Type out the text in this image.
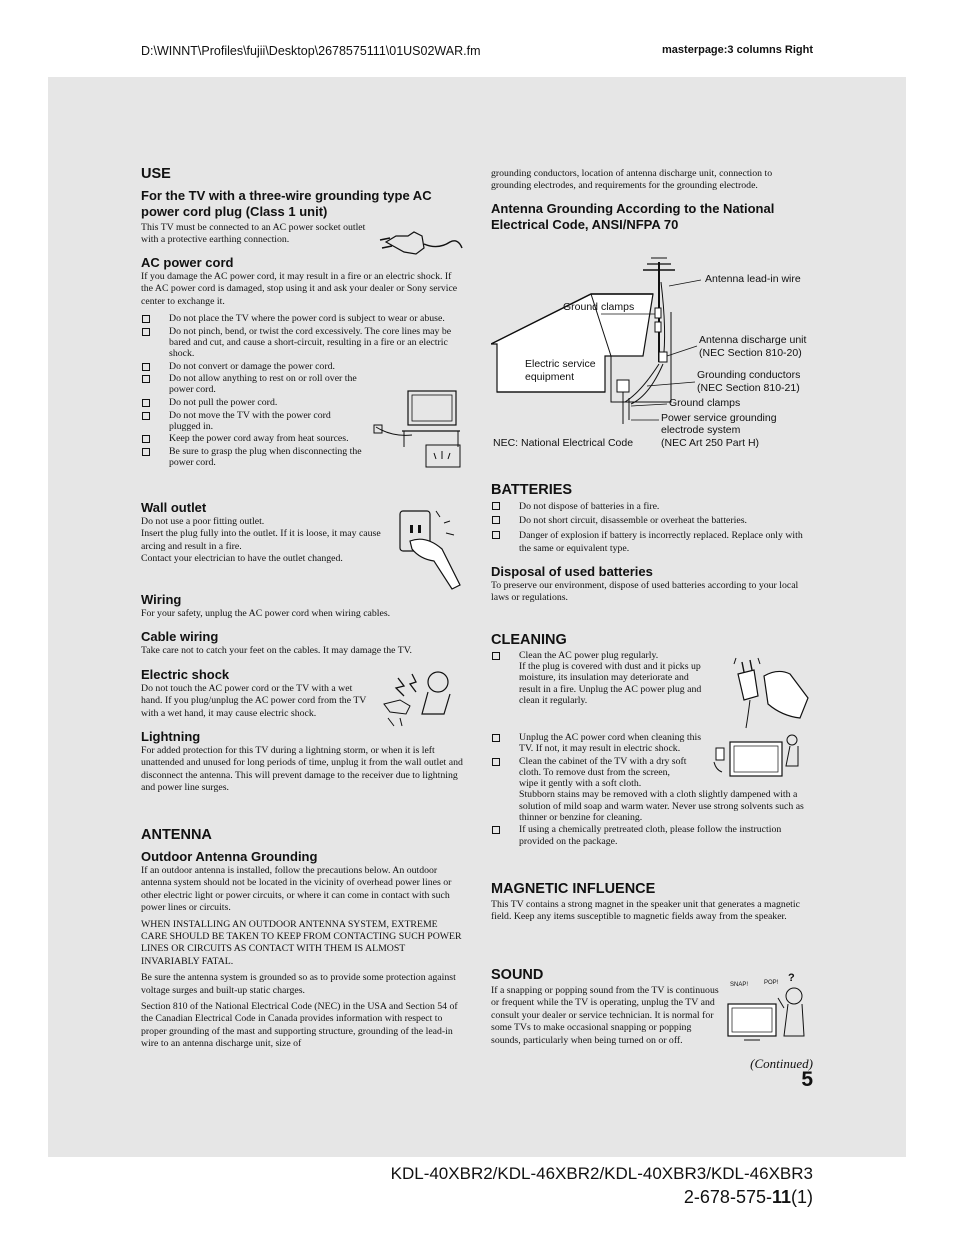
D:\WINNT\Profiles\fujii\Desktop\2678575111\01US02WAR.fm	masterpage:3 columns Right
USE
For the TV with a three-wire grounding type AC power cord plug (Class 1 unit)
This TV must be connected to an AC power socket outlet with a protective earthing connection.
AC power cord
If you damage the AC power cord, it may result in a fire or an electric shock. If the AC power cord is damaged, stop using it and ask your dealer or Sony service center to exchange it.
Do not place the TV where the power cord is subject to wear or abuse.
Do not pinch, bend, or twist the cord excessively. The core lines may be bared and cut, and cause a short-circuit, resulting in a fire or an electric shock.
Do not convert or damage the power cord.
Do not allow anything to rest on or roll over the power cord.
Do not pull the power cord.
Do not move the TV with the power cord plugged in.
Keep the power cord away from heat sources.
Be sure to grasp the plug when disconnecting the power cord.
Wall outlet
Do not use a poor fitting outlet.
Insert the plug fully into the outlet. If it is loose, it may cause arcing and result in a fire.
Contact your electrician to have the outlet changed.
Wiring
For your safety, unplug the AC power cord when wiring cables.
Cable wiring
Take care not to catch your feet on the cables. It may damage the TV.
Electric shock
Do not touch the AC power cord or the TV with a wet hand. If you plug/unplug the AC power cord from the TV with a wet hand, it may cause electric shock.
Lightning
For added protection for this TV during a lightning storm, or when it is left unattended and unused for long periods of time, unplug it from the wall outlet and disconnect the antenna. This will prevent damage to the receiver due to lightning and power line surges.
ANTENNA
Outdoor Antenna Grounding
If an outdoor antenna is installed, follow the precautions below. An outdoor antenna system should not be located in the vicinity of overhead power lines or other electric light or power circuits, or where it can come in contact with such power lines or circuits.
WHEN INSTALLING AN OUTDOOR ANTENNA SYSTEM, EXTREME CARE SHOULD BE TAKEN TO KEEP FROM CONTACTING SUCH POWER LINES OR CIRCUITS AS CONTACT WITH THEM IS ALMOST INVARIABLY FATAL.
Be sure the antenna system is grounded so as to provide some protection against voltage surges and built-up static charges.
Section 810 of the National Electrical Code (NEC) in the USA and Section 54 of the Canadian Electrical Code in Canada provides information with respect to proper grounding of the mast and supporting structure, grounding of the lead-in wire to an antenna discharge unit, size of
grounding conductors, location of antenna discharge unit, connection to grounding electrodes, and requirements for the grounding electrode.
Antenna Grounding According to the National Electrical Code, ANSI/NFPA 70
Antenna lead-in wire
Ground clamps
Antenna discharge unit
(NEC Section 810-20)
Electric service
equipment	Grounding conductors
(NEC Section 810-21)
Ground clamps
Power service grounding
electrode system
(NEC Art 250 Part H)
NEC: National Electrical Code
BATTERIES
Do not dispose of batteries in a fire.
Do not short circuit, disassemble or overheat the batteries.
Danger of explosion if battery is incorrectly replaced. Replace only with the same or equivalent type.
Disposal of used batteries
To preserve our environment, dispose of used batteries according to your local laws or regulations.
CLEANING
Clean the AC power plug regularly.
If the plug is covered with dust and it picks up moisture, its insulation may deteriorate and result in a fire. Unplug the AC power plug and clean it regularly.
Unplug the AC power cord when cleaning this TV. If not, it may result in electric shock.
Clean the cabinet of the TV with a dry soft cloth. To remove dust from the screen, wipe it gently with a soft cloth.
Stubborn stains may be removed with a cloth slightly dampened with a solution of mild soap and warm water. Never use strong solvents such as thinner or benzine for cleaning.
If using a chemically pretreated cloth, please follow the instruction provided on the package.
MAGNETIC INFLUENCE
This TV contains a strong magnet in the speaker unit that generates a magnetic field. Keep any items susceptible to magnetic fields away from the speaker.
SOUND
If a snapping or popping sound from the TV is continuous or frequent while the TV is operating, unplug the TV and consult your dealer or service technician. It is normal for some TVs to make occasional snapping or popping sounds, particularly when being turned on or off.
SNAP!	POP! ?
(Continued)
5
KDL-40XBR2/KDL-46XBR2/KDL-40XBR3/KDL-46XBR3
2-678-575-11(1)
